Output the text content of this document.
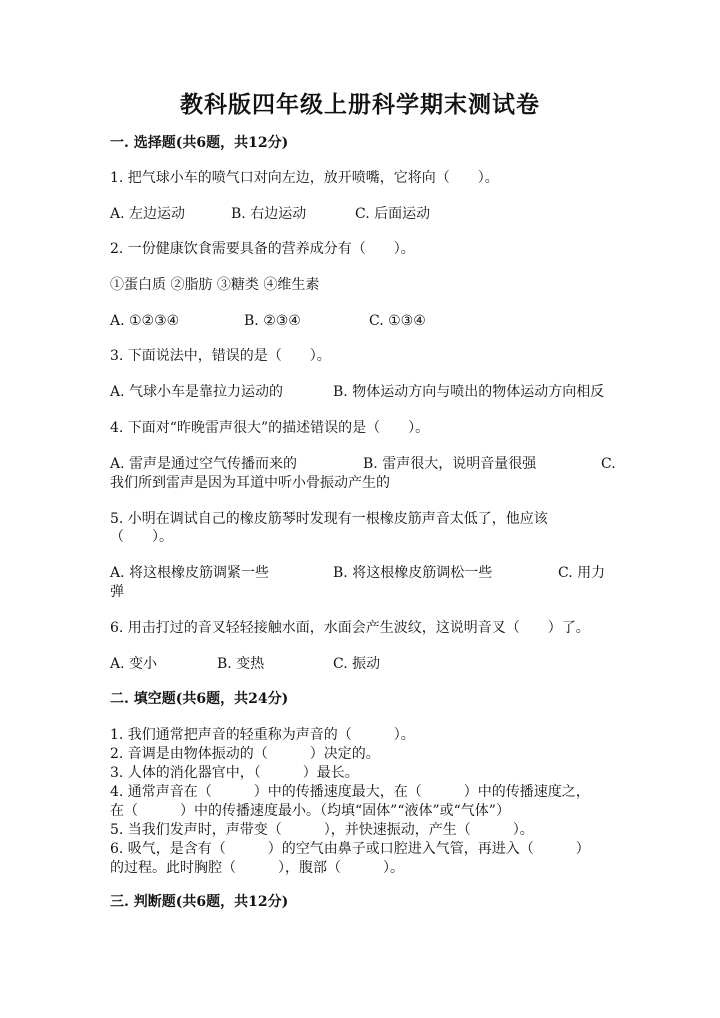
教科版四年级上册科学期末测试卷
一. 选择题(共6题，共12分)
1. 把气球小车的喷气口对向左边，放开喷嘴，它将向（　　）。
A. 左边运动	B. 右边运动	C. 后面运动
2. 一份健康饮食需要具备的营养成分有（　　）。
①蛋白质 ②脂肪 ③糖类 ④维生素
A. ①②③④	B. ②③④	C. ①③④
3. 下面说法中，错误的是（　　）。
A. 气球小车是靠拉力运动的	B. 物体运动方向与喷出的物体运动方向相反
4. 下面对“昨晚雷声很大”的描述错误的是（　　）。
A. 雷声是通过空气传播而来的	B. 雷声很大，说明音量很强	C.
我们所到雷声是因为耳道中听小骨振动产生的
5. 小明在调试自己的橡皮筋琴时发现有一根橡皮筋声音太低了，他应该
（　　）。
A. 将这根橡皮筋调紧一些	B. 将这根橡皮筋调松一些	C. 用力
弹
6. 用击打过的音叉轻轻接触水面，水面会产生波纹，这说明音叉（　　）了。
A. 变小	B. 变热	C. 振动
二. 填空题(共6题，共24分)
1. 我们通常把声音的轻重称为声音的（　　　）。
2. 音调是由物体振动的（　　　）决定的。
3. 人体的消化器官中，（　　　）最长。
4. 通常声音在（　　　）中的传播速度最大，在（　　　）中的传播速度之，
在（　　　）中的传播速度最小。（均填“固体”“液体”或“气体”）
5. 当我们发声时，声带变（　　　），并快速振动，产生（　　　）。
6. 吸气，是含有（　　　）的空气由鼻子或口腔进入气管，再进入（　　　）
的过程。此时胸腔（　　　），腹部（　　　）。
三. 判断题(共6题，共12分)
